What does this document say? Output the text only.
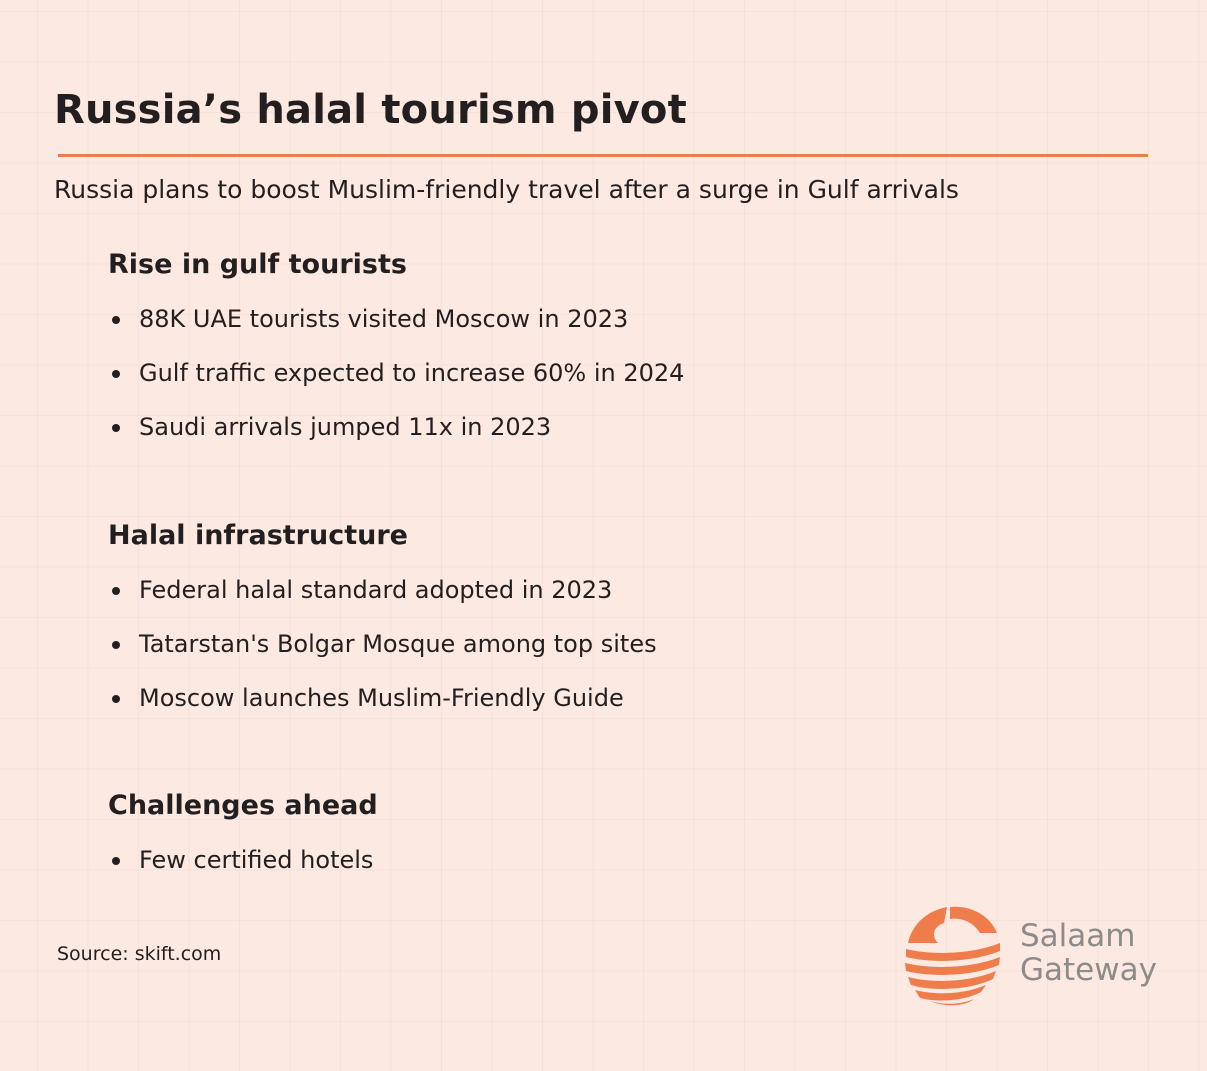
Russia’s halal tourism pivot

Russia plans to boost Muslim-friendly travel after a surge in Gulf arrivals

Rise in gulf tourists
88K UAE tourists visited Moscow in 2023
Gulf traffic expected to increase 60% in 2024
Saudi arrivals jumped 11x in 2023
Halal infrastructure
Federal halal standard adopted in 2023
Tatarstan's Bolgar Mosque among top sites
Moscow launches Muslim-Friendly Guide
Challenges ahead
Few certified hotels
Source: skift.com	Salaam
Gateway
